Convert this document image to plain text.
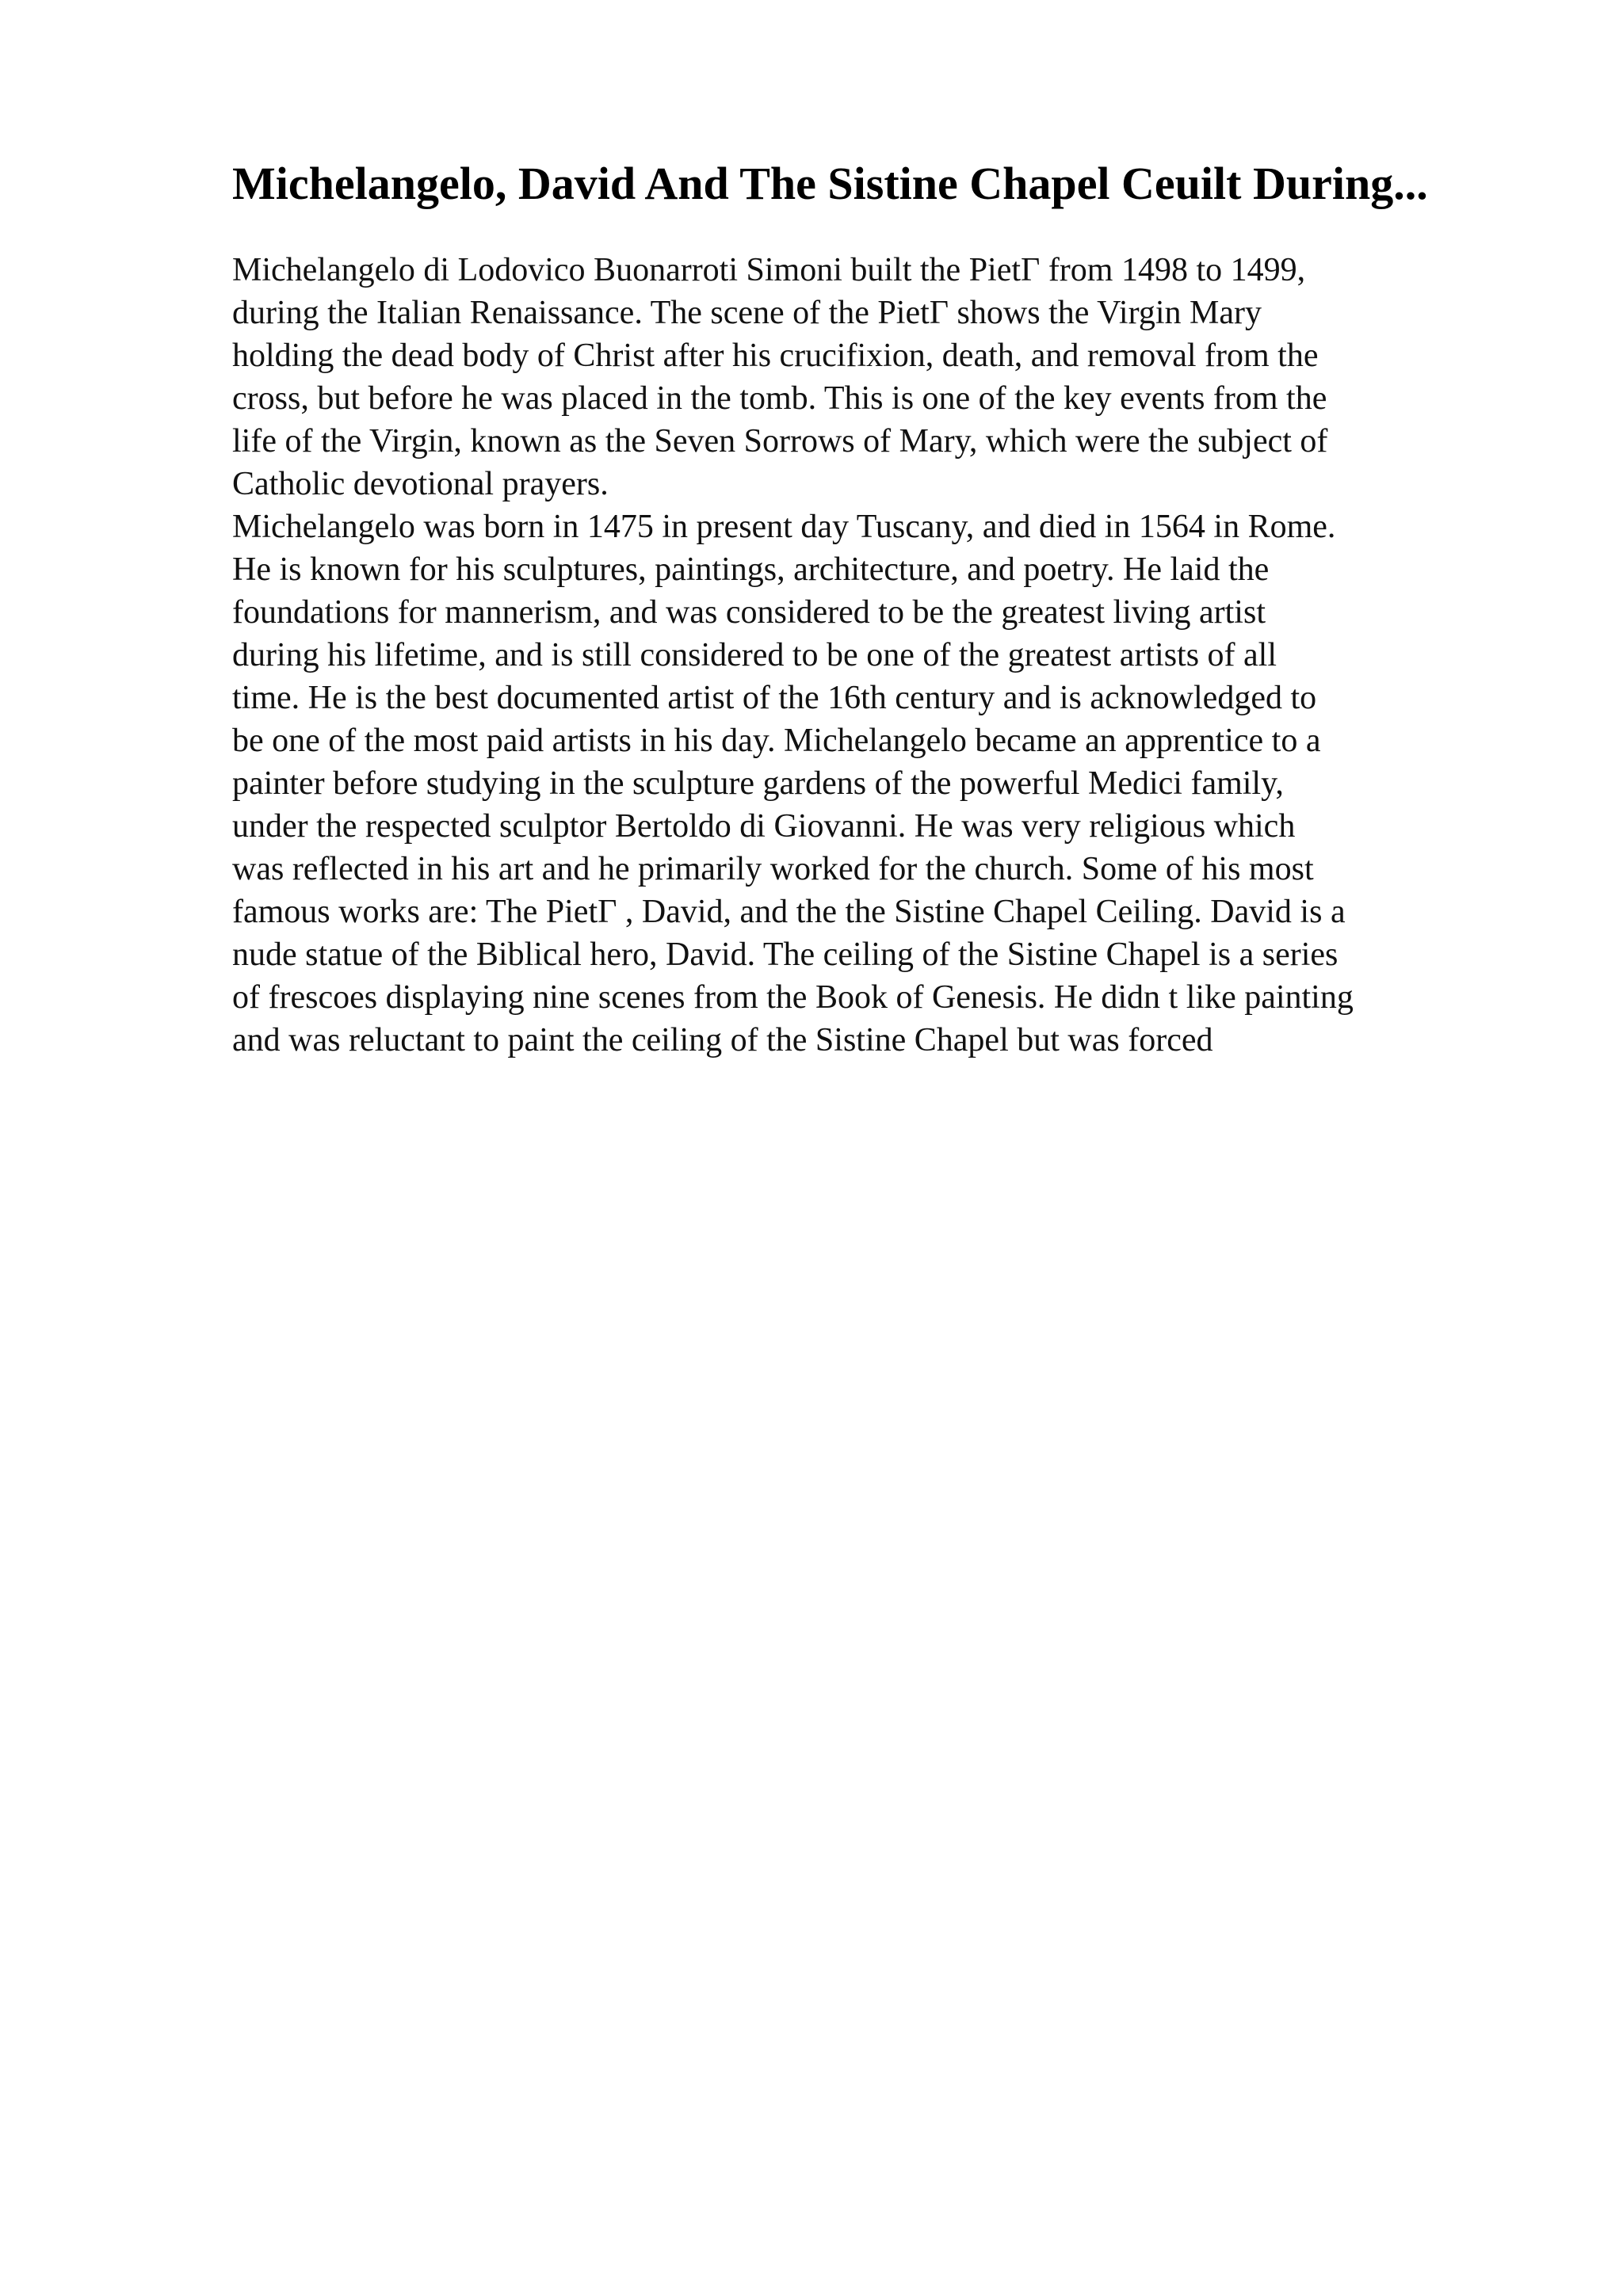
Michelangelo, David And The Sistine Chapel Ceuilt During...
Michelangelo di Lodovico Buonarroti Simoni built the PietΓ from 1498 to 1499,
during the Italian Renaissance. The scene of the PietΓ shows the Virgin Mary
holding the dead body of Christ after his crucifixion, death, and removal from the
cross, but before he was placed in the tomb. This is one of the key events from the
life of the Virgin, known as the Seven Sorrows of Mary, which were the subject of
Catholic devotional prayers.
Michelangelo was born in 1475 in present day Tuscany, and died in 1564 in Rome.
He is known for his sculptures, paintings, architecture, and poetry. He laid the
foundations for mannerism, and was considered to be the greatest living artist
during his lifetime, and is still considered to be one of the greatest artists of all
time. He is the best documented artist of the 16th century and is acknowledged to
be one of the most paid artists in his day. Michelangelo became an apprentice to a
painter before studying in the sculpture gardens of the powerful Medici family,
under the respected sculptor Bertoldo di Giovanni. He was very religious which
was reflected in his art and he primarily worked for the church. Some of his most
famous works are: The PietΓ , David, and the the Sistine Chapel Ceiling. David is a
nude statue of the Biblical hero, David. The ceiling of the Sistine Chapel is a series
of frescoes displaying nine scenes from the Book of Genesis. He didn t like painting
and was reluctant to paint the ceiling of the Sistine Chapel but was forced
